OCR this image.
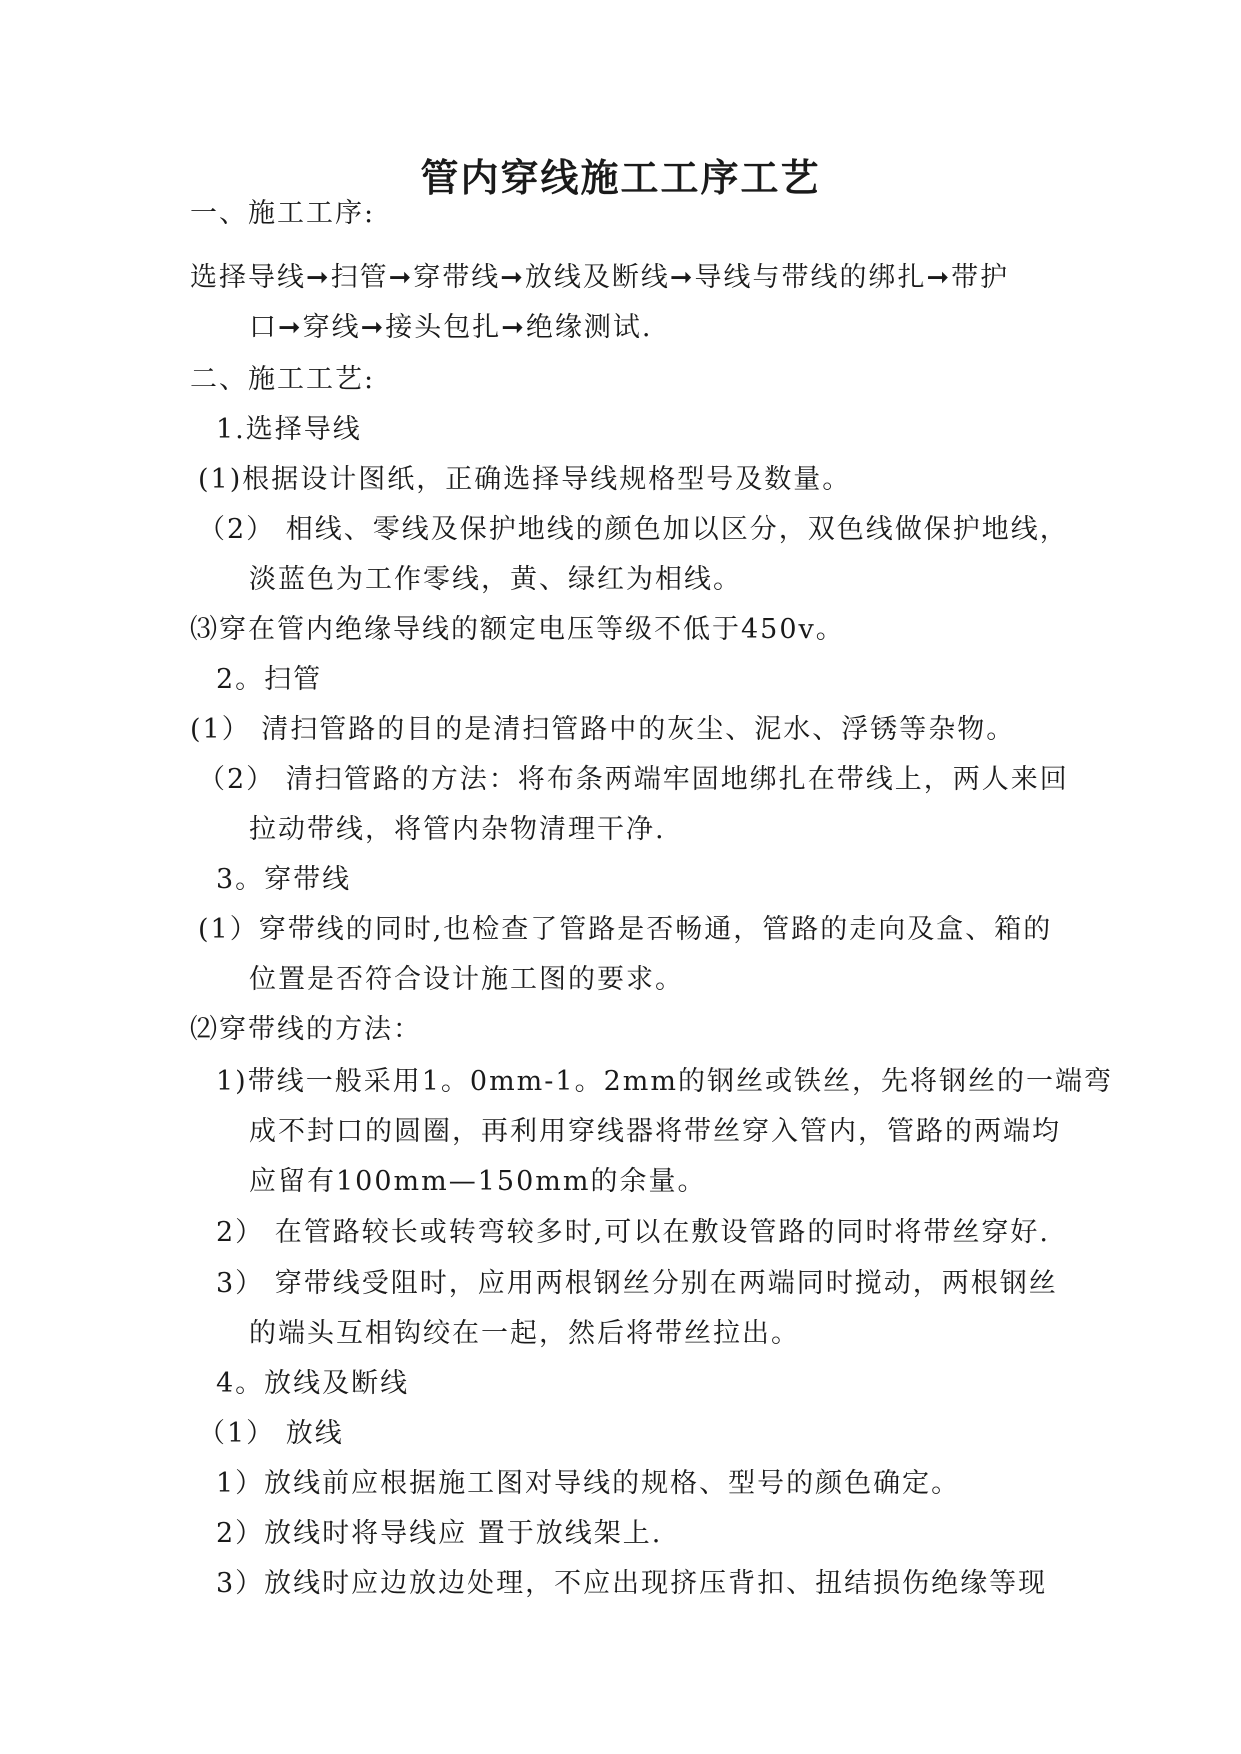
管内穿线施工工序工艺
一、施工工序:
选择导线➞扫管➞穿带线➞放线及断线➞导线与带线的绑扎➞带护
口➞穿线➞接头包扎➞绝缘测试.
二、施工工艺:
1.选择导线
(1)根据设计图纸，正确选择导线规格型号及数量。
（2） 相线、零线及保护地线的颜色加以区分，双色线做保护地线，
淡蓝色为工作零线，黄、绿红为相线。
⑶穿在管内绝缘导线的额定电压等级不低于450v。
2。扫管
(1） 清扫管路的目的是清扫管路中的灰尘、泥水、浮锈等杂物。
（2） 清扫管路的方法：将布条两端牢固地绑扎在带线上，两人来回
拉动带线，将管内杂物清理干净.
3。穿带线
(1）穿带线的同时,也检查了管路是否畅通，管路的走向及盒、箱的
位置是否符合设计施工图的要求。
⑵穿带线的方法：
1)带线一般采用1。0mm-1。2mm的钢丝或铁丝，先将钢丝的一端弯
成不封口的圆圈，再利用穿线器将带丝穿入管内，管路的两端均
应留有100mm—150mm的余量。
2） 在管路较长或转弯较多时,可以在敷设管路的同时将带丝穿好.
3） 穿带线受阻时，应用两根钢丝分别在两端同时搅动，两根钢丝
的端头互相钩绞在一起，然后将带丝拉出。
4。放线及断线
（1） 放线
1）放线前应根据施工图对导线的规格、型号的颜色确定。
2）放线时将导线应 置于放线架上.
3）放线时应边放边处理，不应出现挤压背扣、扭结损伤绝缘等现
